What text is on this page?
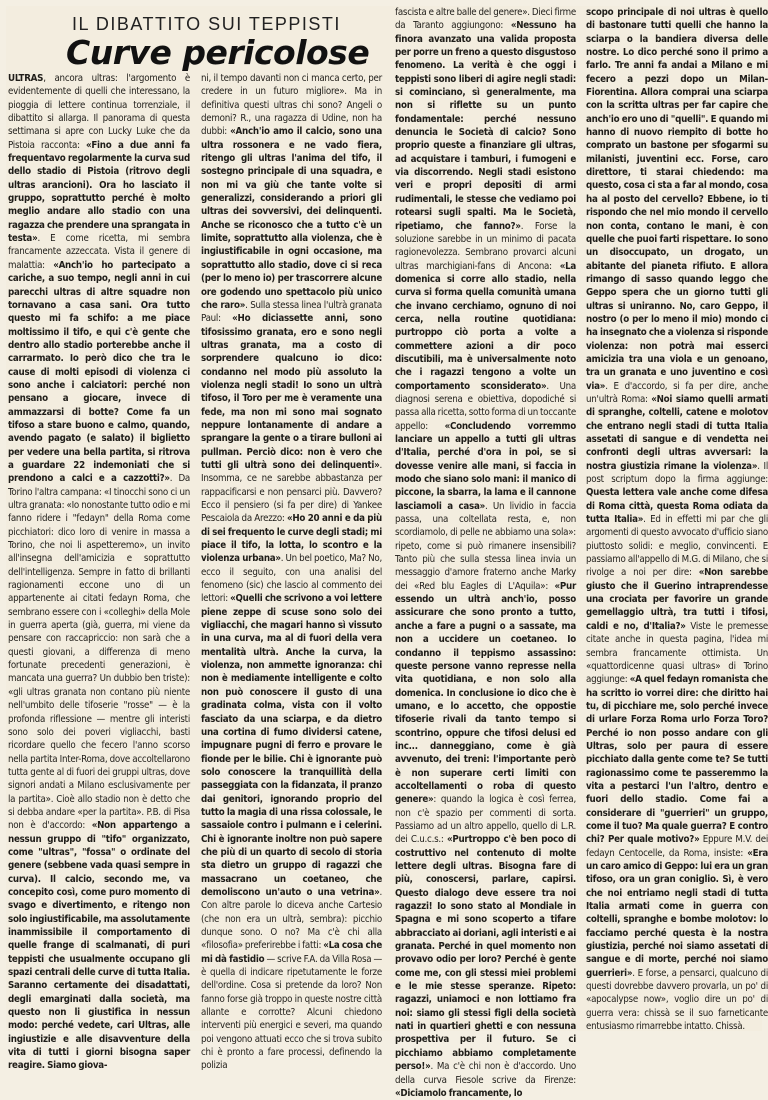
IL DIBATTITO SUI TEPPISTI
Curve pericolose
ULTRAS, ancora ultras: l'argomento è evidentemente di quelli che interessano, la pioggia di lettere continua torrenziale, il dibattito si allarga. Il panorama di questa settimana si apre con Lucky Luke che da Pistoia racconta: «Fino a due anni fa frequentavo regolarmente la curva sud dello stadio di Pistoia (ritrovo degli ultras arancioni). Ora ho lasciato il gruppo, soprattutto perché è molto meglio andare allo stadio con una ragazza che prendere una sprangata in testa». E come ricetta, mi sembra francamente azzeccata. Vista il genere di malattia: «Anch'io ho partecipato a cariche, a suo tempo, negli anni in cui parecchi ultras di altre squadre non tornavano a casa sani. Ora tutto questo mi fa schifo: a me piace moltissimo il tifo, e qui c'è gente che dentro allo stadio porterebbe anche il carrarmato. Io però dico che tra le cause di molti episodi di violenza ci sono anche i calciatori: perché non pensano a giocare, invece di ammazzarsi di botte? Come fa un tifoso a stare buono e calmo, quando, avendo pagato (e salato) il biglietto per vedere una bella partita, si ritrova a guardare 22 indemoniati che si prendono a calci e a cazzotti?». Da Torino l'altra campana: «I tinocchi sono ci un ultra granata: «Io nonostante tutto odio e mi fanno ridere i "fedayn" della Roma come picchiatori: dico loro di venire in massa a Torino, che noi li aspetteremo», un invito all'insegna dell'amicizia e soprattutto dell'intelligenza. Sempre in fatto di brillanti ragionamenti eccone uno di un appartenente ai citati fedayn Roma, che sembrano essere con i «colleghi» della Mole in guerra aperta (già, guerra, mi viene da pensare con raccapriccio: non sarà che a questi giovani, a differenza di meno fortunate precedenti generazioni, è mancata una guerra? Un dubbio ben triste): «gli ultras granata non contano più niente nell'umbito delle tifoserie "rosse" — è la profonda riflessione — mentre gli interisti sono solo dei poveri vigliacchi, basti ricordare quello che fecero l'anno scorso nella partita Inter-Roma, dove accoltellarono tutta gente al di fuori dei gruppi ultras, dove signori andati a Milano esclusivamente per la partita». Cioè allo stadio non è detto che si debba andare «per la partita». P.B. di Pisa non è d'accordo: «Non appartengo a nessun gruppo di "tifo" organizzato, come "ultras", "fossa" o ordinate del genere (sebbene vada quasi sempre in curva). Il calcio, secondo me, va concepito così, come puro momento di svago e divertimento, e ritengo non solo ingiustificabile, ma assolutamente inammissibile il comportamento di quelle frange di scalmanati, di puri teppisti che usualmente occupano gli spazi centrali delle curve di tutta Italia. Saranno certamente dei disadattati, degli emarginati dalla società, ma questo non li giustifica in nessun modo: perché vedete, cari Ultras, alle ingiustizie e alle disavventure della vita di tutti i giorni bisogna saper reagire. Siamo giova-
ni, il tempo davanti non ci manca certo, per credere in un futuro migliore». Ma in definitiva questi ultras chi sono? Angeli o demoni? R., una ragazza di Udine, non ha dubbi: «Anch'io amo il calcio, sono una ultra rossonera e ne vado fiera, ritengo gli ultras l'anima del tifo, il sostegno principale di una squadra, e non mi va giù che tante volte si generalizzi, considerando a priori gli ultras dei sovversivi, dei delinquenti. Anche se riconosco che a tutto c'è un limite, soprattutto alla violenza, che è ingiustificabile in ogni occasione, ma soprattutto allo stadio, dove ci si reca (per lo meno io) per trascorrere alcune ore godendo uno spettacolo più unico che raro». Sulla stessa linea l'ultrà granata Paul: «Ho diciassette anni, sono tifosissimo granata, ero e sono negli ultras granata, ma a costo di sorprendere qualcuno io dico: condanno nel modo più assoluto la violenza negli stadi! Io sono un ultrà tifoso, il Toro per me è veramente una fede, ma non mi sono mai sognato neppure lontanamente di andare a sprangare la gente o a tirare bulloni ai pullman. Perciò dico: non è vero che tutti gli ultrà sono dei delinquenti». Insomma, ce ne sarebbe abbastanza per rappacificarsi e non pensarci più. Davvero? Ecco il pensiero (si fa per dire) di Yankee Pescaiola da Arezzo: «Ho 20 anni e da più di sei frequento le curve degli stadi; mi piace il tifo, la lotta, lo scontro e la violenza urbana». Un bel poetico, Ma? No, ecco il seguito, con una analisi del fenomeno (sic) che lascio al commento dei lettori: «Quelli che scrivono a voi lettere piene zeppe di scuse sono solo dei vigliacchi, che magari hanno sì vissuto in una curva, ma al di fuori della vera mentalità ultrà. Anche la curva, la violenza, non ammette ignoranza: chi non è mediamente intelligente e colto non può conoscere il gusto di una gradinata colma, vista con il volto fasciato da una sciarpa, e da dietro una cortina di fumo dividersi catene, impugnare pugni di ferro e provare le fionde per le bilie. Chi è ignorante può solo conoscere la tranquillità della passeggiata con la fidanzata, il pranzo dai genitori, ignorando proprio del tutto la magia di una rissa colossale, le sassaiole contro i pulmann e i celerini. Chi è ignorante inoltre non può sapere che più di un quarto di secolo di storia sta dietro un gruppo di ragazzi che massacrano un coetaneo, che demoliscono un'auto o una vetrina». Con altre parole lo diceva anche Cartesio (che non era un ultrà, sembra): picchio dunque sono. O no? Ma c'è chi alla «filosofia» preferirebbe i fatti: «La cosa che mi dà fastidio — scrive F.A. da Villa Rosa — è quella di indicare ripetutamente le forze dell'ordine. Cosa si pretende da loro? Non fanno forse già troppo in queste nostre città allante e corrotte? Alcuni chiedono interventi più energici e severi, ma quando poi vengono attuati ecco che si trova subito chi è pronto a fare processi, definendo la polizia
fascista e altre balle del genere». Dieci firme da Taranto aggiungono: «Nessuno ha finora avanzato una valida proposta per porre un freno a questo disgustoso fenomeno. La verità è che oggi i teppisti sono liberi di agire negli stadi: si cominciano, sì generalmente, ma non si riflette su un punto fondamentale: perché nessuno denuncia le Società di calcio? Sono proprio queste a finanziare gli ultras, ad acquistare i tamburi, i fumogeni e via discorrendo. Negli stadi esistono veri e propri depositi di armi rudimentali, le stesse che vediamo poi rotearsi sugli spalti. Ma le Società, ripetiamo, che fanno?». Forse la soluzione sarebbe in un minimo di pacata ragionevolezza. Sembrano provarci alcuni ultras marchigiani-fans di Ancona: «La domenica si corre allo stadio, nella curva si forma quella comunità umana che invano cerchiamo, ognuno di noi cerca, nella routine quotidiana: purtroppo ciò porta a volte a commettere azioni a dir poco discutibili, ma è universalmente noto che i ragazzi tengono a volte un comportamento sconsiderato». Una diagnosi serena e obiettiva, dopodiché si passa alla ricetta, sotto forma di un toccante appello: «Concludendo vorremmo lanciare un appello a tutti gli ultras d'Italia, perché d'ora in poi, se si dovesse venire alle mani, si faccia in modo che siano solo mani: il manico di piccone, la sbarra, la lama e il cannone lasciamoli a casa». Un lividio in faccia passa, una coltellata resta, e, non scordiamolo, di pelle ne abbiamo una sola»: ripeto, come si può rimanere insensibili? Tanto più che sulla stessa linea invia un messaggio d'amore fraterno anche Marky dei «Red blu Eagles di L'Aquila»: «Pur essendo un ultrà anch'io, posso assicurare che sono pronto a tutto, anche a fare a pugni o a sassate, ma non a uccidere un coetaneo. Io condanno il teppismo assassino: queste persone vanno represse nella vita quotidiana, e non solo alla domenica. In conclusione io dico che è umano, e lo accetto, che oppostie tifoserie rivali da tanto tempo si scontrino, oppure che tifosi delusi ed inc... danneggiano, come è già avvenuto, dei treni: l'importante però è non superare certi limiti con accoltellamenti o roba di questo genere»: quando la logica è così ferrea, non c'è spazio per commenti di sorta. Passiamo ad un altro appello, quello di L.R. dei C.u.c.s.: «Purtroppo c'è ben poco di costruttivo nel contenuto di molte lettere degli ultras. Bisogna fare di più, conoscersi, parlare, capirsi. Questo dialogo deve essere tra noi ragazzi! Io sono stato al Mondiale in Spagna e mi sono scoperto a tifare abbracciato ai doriani, agli interisti e ai granata. Perché in quel momento non provavo odio per loro? Perché è gente come me, con gli stessi miei problemi e le mie stesse speranze. Ripeto: ragazzi, uniamoci e non lottiamo fra noi: siamo gli stessi figli della società nati in quartieri ghetti e con nessuna prospettiva per il futuro. Se ci picchiamo abbiamo completamente perso!». Ma c'è chi non è d'accordo. Uno della curva Fiesole scrive da Firenze: «Diciamolo francamente, lo
scopo principale di noi ultras è quello di bastonare tutti quelli che hanno la sciarpa o la bandiera diversa delle nostre. Lo dico perché sono il primo a farlo. Tre anni fa andai a Milano e mi fecero a pezzi dopo un Milan-Fiorentina. Allora comprai una sciarpa con la scritta ultras per far capire che anch'io ero uno di "quelli". E quando mi hanno di nuovo riempito di botte ho comprato un bastone per sfogarmi su milanisti, juventini ecc. Forse, caro direttore, ti starai chiedendo: ma questo, cosa ci sta a far al mondo, cosa ha al posto del cervello? Ebbene, io ti rispondo che nel mio mondo il cervello non conta, contano le mani, è con quelle che puoi farti rispettare. Io sono un disoccupato, un drogato, un abitante del pianeta rifiuto. E allora rimango di sasso quando leggo che Geppo spera che un giorno tutti gli ultras si uniranno. No, caro Geppo, il nostro (o per lo meno il mio) mondo ci ha insegnato che a violenza si risponde violenza: non potrà mai esserci amicizia tra una viola e un genoano, tra un granata e uno juventino e così via». E d'accordo, si fa per dire, anche un'ultrà Roma: «Noi siamo quelli armati di spranghe, coltelli, catene e molotov che entrano negli stadi di tutta Italia assetati di sangue e di vendetta nei confronti degli ultras avversari: la nostra giustizia rimane la violenza». Il post scriptum dopo la firma aggiunge: Questa lettera vale anche come difesa di Roma città, questa Roma odiata da tutta Italia». Ed in effetti mi par che gli argomenti di questo avvocato d'ufficio siano piuttosto solidi: e meglio, convincenti. E passiamo all'appello di M.G. di Milano, che si rivolge a noi per dire: «Non sarebbe giusto che il Guerino intraprendesse una crociata per favorire un grande gemellaggio ultrà, tra tutti i tifosi, caldi e no, d'Italia?» Viste le premesse citate anche in questa pagina, l'idea mi sembra francamente ottimista. Un «quattordicenne quasi ultras» di Torino aggiunge: «A quel fedayn romanista che ha scritto io vorrei dire: che diritto hai tu, di picchiare me, solo perché invece di urlare Forza Roma urlo Forza Toro? Perché io non posso andare con gli Ultras, solo per paura di essere picchiato dalla gente come te? Se tutti ragionassimo come te passeremmo la vita a pestarci l'un l'altro, dentro e fuori dello stadio. Come fai a considerare di "guerrieri" un gruppo, come il tuo? Ma quale guerra? E contro chi? Per quale motivo?» Eppure M.V. dei fedayn Centocelle, da Roma, insiste: «Era un caro amico di Geppo: lui era un gran tifoso, ora un gran coniglio. Sì, è vero che noi entriamo negli stadi di tutta Italia armati come in guerra con coltelli, spranghe e bombe molotov: lo facciamo perché questa è la nostra giustizia, perché noi siamo assetati di sangue e di morte, perché noi siamo guerrieri». E forse, a pensarci, qualcuno di questi dovrebbe davvero provarla, un po' di «apocalypse now», voglio dire un po' di guerra vera: chissà se il suo farneticante entusiasmo rimarrebbe intatto. Chissà.
